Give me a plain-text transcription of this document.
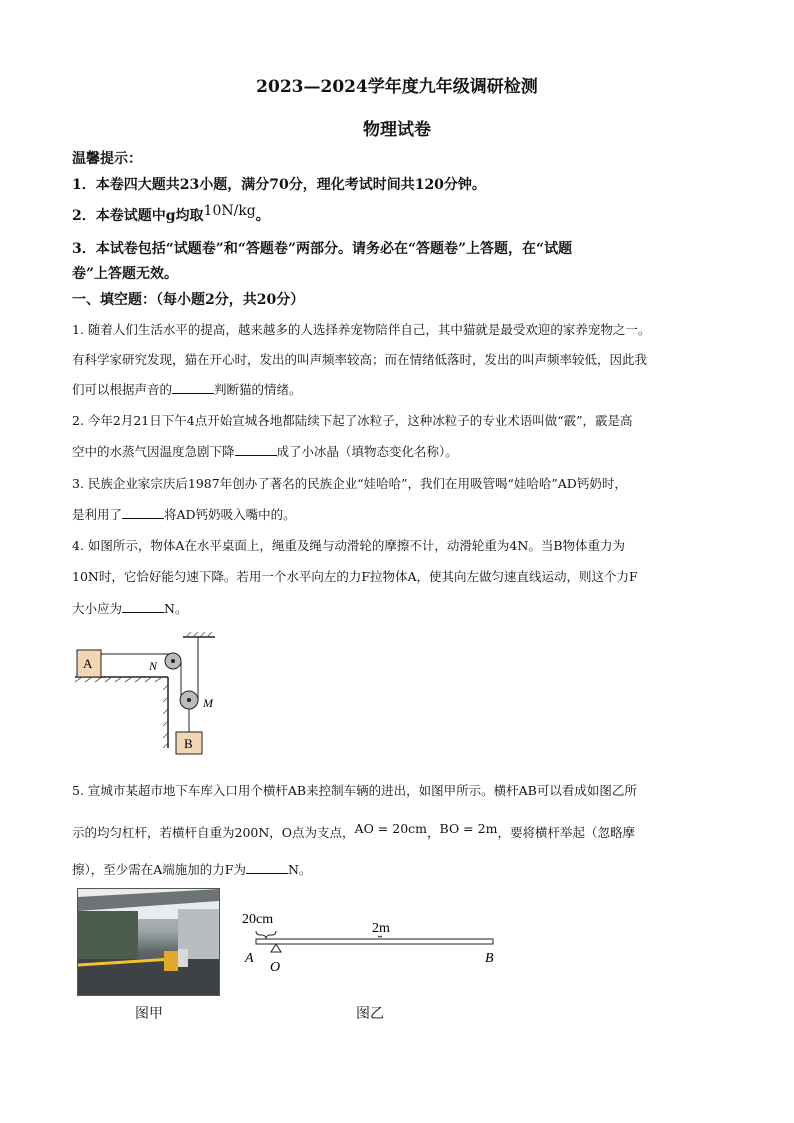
2023—2024学年度九年级调研检测
物理试卷
温馨提示：
1．本卷四大题共23小题，满分70分，理化考试时间共120分钟。
2．本卷试题中g均取10N/kg。
3．本试卷包括“试题卷”和“答题卷”两部分。请务必在“答题卷”上答题，在“试题
卷”上答题无效。
一、填空题：（每小题2分，共20分）
1. 随着人们生活水平的提高，越来越多的人选择养宠物陪伴自己，其中猫就是最受欢迎的家养宠物之一。
有科学家研究发现，猫在开心时，发出的叫声频率较高；而在情绪低落时，发出的叫声频率较低，因此我
们可以根据声音的	判断猫的情绪。
2. 今年2月21日下午4点开始宣城各地都陆续下起了冰粒子，这种冰粒子的专业术语叫做“霰”，霰是高
空中的水蒸气因温度急剧下降	成了小冰晶（填物态变化名称）。
3. 民族企业家宗庆后1987年创办了著名的民族企业“娃哈哈”，我们在用吸管喝“娃哈哈”AD钙奶时，
是利用了	将AD钙奶吸入嘴中的。
4. 如图所示，物体A在水平桌面上，绳重及绳与动滑轮的摩擦不计，动滑轮重为4N。当B物体重力为
10N时，它恰好能匀速下降。若用一个水平向左的力F拉物体A，使其向左做匀速直线运动，则这个力F
大小应为	N。
A	N
M
B
5. 宣城市某超市地下车库入口用个横杆AB来控制车辆的进出，如图甲所示。横杆AB可以看成如图乙所
示的均匀杠杆，若横杆自重为200N，O点为支点，AO = 20cm，BO = 2m，要将横杆举起（忽略摩
擦），至少需在A端施加的力F为	N。
20cm
2m
A
O
B
图甲	图乙
